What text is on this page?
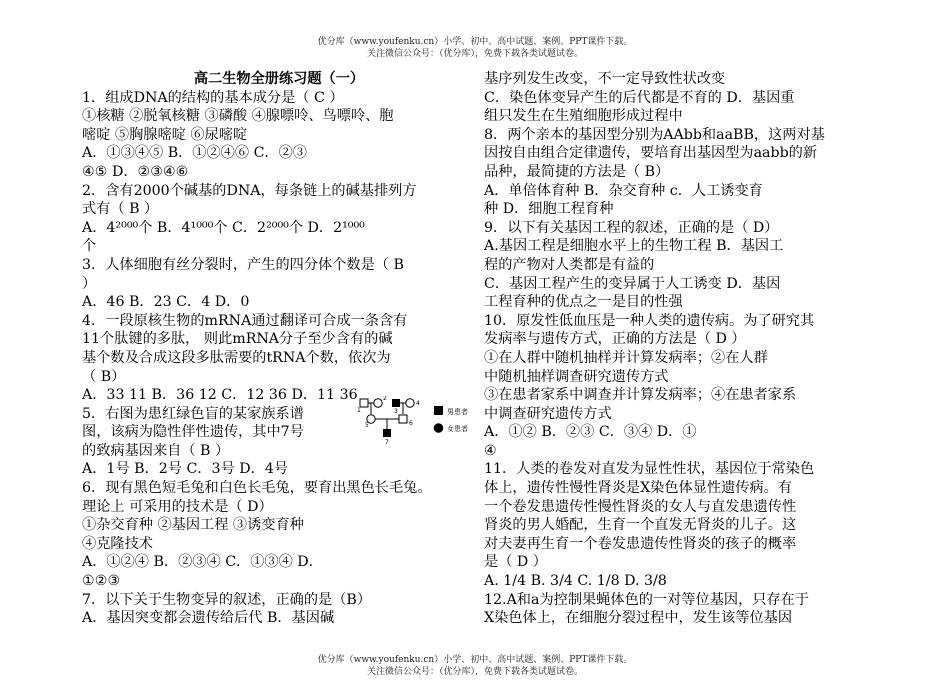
优分库（www.youfenku.cn）小学、初中、高中试题、案例、PPT课件下载。
关注微信公众号：（优分库），免费下载各类试题试卷。
高二生物全册练习题（一）
1．组成DNA的结构的基本成分是（ C ）
①核糖 ②脱氧核糖 ③磷酸 ④腺嘌呤、鸟嘌呤、胞
嘧啶 ⑤胸腺嘧啶 ⑥尿嘧啶
A．①③④⑤ B．①②④⑥ C．②③
④⑤ D．②③④⑥
2．含有2000个碱基的DNA，每条链上的碱基排列方
式有（ B ）
A．4²⁰⁰⁰个 B．4¹⁰⁰⁰个 C．2²⁰⁰⁰个 D．2¹⁰⁰⁰
个
3．人体细胞有丝分裂时，产生的四分体个数是（ B
）
A．46 B．23 C．4 D．0
4．一段原核生物的mRNA通过翻译可合成一条含有
11个肽键的多肽， 则此mRNA分子至少含有的碱
基个数及合成这段多肽需要的tRNA个数，依次为
（ B）
A．33 11 B．36 12 C．12 36 D．11 36
5．右图为患红绿色盲的某家族系谱
图，该病为隐性伴性遗传，其中7号
的致病基因来自（ B ）
A．1号 B．2号 C．3号 D．4号
6．现有黑色短毛兔和白色长毛兔，要育出黑色长毛兔。
理论上 可采用的技术是（ D）
①杂交育种 ②基因工程 ③诱变育种
④克隆技术
A．①②④ B．②③④ C．①③④ D．
①②③
7．以下关于生物变异的叙述，正确的是（B）
A．基因突变都会遗传给后代 B．基因碱
基序列发生改变，不一定导致性状改变
C．染色体变异产生的后代都是不育的 D．基因重
组只发生在生殖细胞形成过程中
8．两个亲本的基因型分别为AAbb和aaBB，这两对基
因按自由组合定律遗传，要培育出基因型为aabb的新
品种，最简捷的方法是（ B）
A．单倍体育种 B．杂交育种 c．人工诱变育
种 D．细胞工程育种
9．以下有关基因工程的叙述，正确的是（ D）
A.基因工程是细胞水平上的生物工程 B．基因工
程的产物对人类都是有益的
C．基因工程产生的变异属于人工诱变 D．基因
工程育种的优点之一是目的性强
10．原发性低血压是一种人类的遗传病。为了研究其
发病率与遗传方式，正确的方法是（ D ）
①在人群中随机抽样并计算发病率；②在人群
中随机抽样调查研究遗传方式
③在患者家系中调查并计算发病率；④在患者家系
中调查研究遗传方式
A．①② B．②③ C．③④ D．①
④
11．人类的卷发对直发为显性性状，基因位于常染色
体上，遗传性慢性肾炎是X染色体显性遗传病。有
一个卷发患遗传性慢性肾炎的女人与直发患遗传性
肾炎的男人婚配，生育一个直发无肾炎的儿子。这
对夫妻再生育一个卷发患遗传性肾炎的孩子的概率
是（ D ）
A. 1/4 B. 3/4 C. 1/8 D. 3/8
12.A和a为控制果蝇体色的一对等位基因，只存在于
X染色体上，在细胞分裂过程中，发生该等位基因
1
2
3
4
5	6
7
男患者
女患者
优分库（www.youfenku.cn）小学、初中、高中试题、案例、PPT课件下载。
关注微信公众号：（优分库），免费下载各类试题试卷。
